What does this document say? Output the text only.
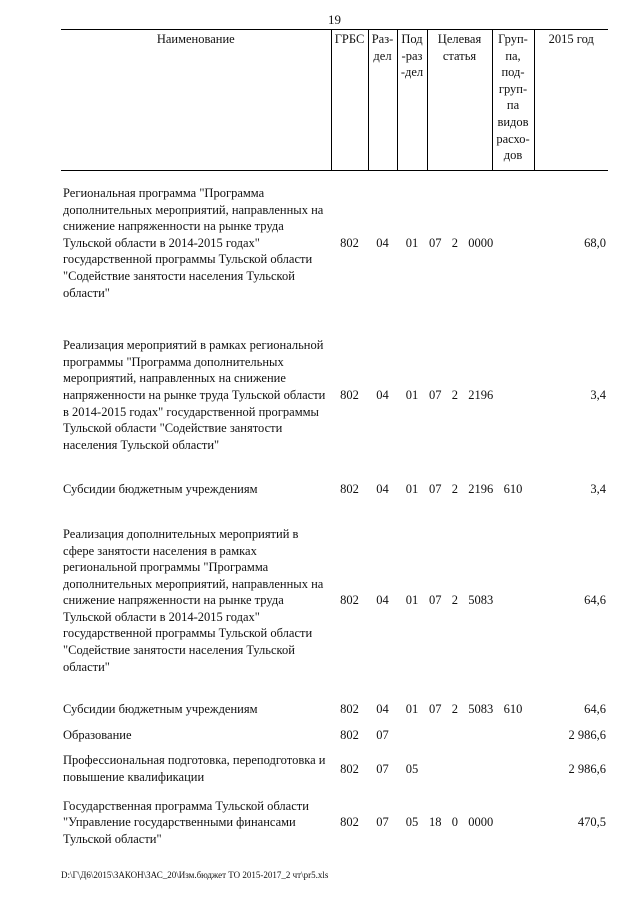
19
Наименование	ГРБС	Раз-дел	Под-раз-дел	Целевая статья	Груп-па, под-груп-па видов расхо-дов	2015 год

Региональная программа "Программа дополнительных мероприятий, направленных на снижение напряженности на рынке труда Тульской области в 2014-2015 годах" государственной программы Тульской области "Содействие занятости населения Тульской области"	802	04	01	07  2  0000		68,0

Реализация мероприятий в рамках региональной программы "Программа дополнительных мероприятий, направленных на снижение напряженности на рынке труда Тульской области в 2014-2015 годах" государственной программы Тульской области "Содействие занятости населения Тульской области"	802	04	01	07  2  2196		3,4

Субсидии бюджетным учреждениям	802	04	01	07  2  2196	610	3,4

Реализация дополнительных мероприятий в сфере занятости населения в рамках региональной программы "Программа дополнительных мероприятий, направленных на снижение напряженности на рынке труда Тульской области в 2014-2015 годах" государственной программы Тульской области "Содействие занятости населения Тульской области"	802	04	01	07  2  5083		64,6

Субсидии бюджетным учреждениям	802	04	01	07  2  5083	610	64,6

Образование	802	07				2 986,6

Профессиональная подготовка, переподготовка и повышение квалификации	802	07	05			2 986,6

Государственная программа Тульской области "Управление государственными финансами Тульской области"	802	07	05	18  0  0000		470,5
D:\Г\Д6\2015\ЗАКОН\ЗАС_20\Изм.бюджет ТО 2015-2017_2 чт\pr5.xls
